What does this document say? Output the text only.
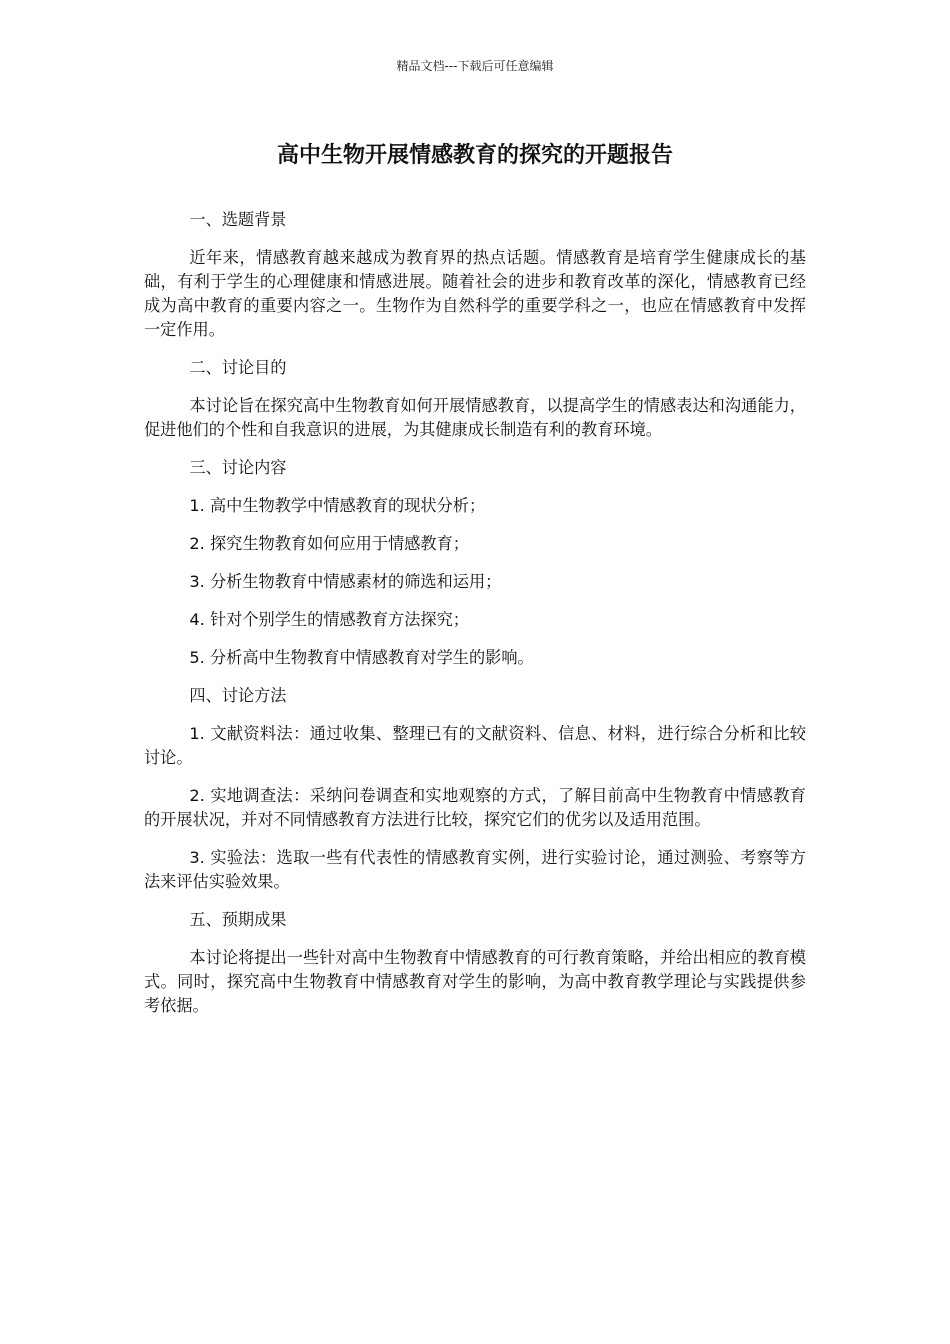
精品文档---下载后可任意编辑
高中生物开展情感教育的探究的开题报告

一、选题背景

近年来，情感教育越来越成为教育界的热点话题。情感教育是培育学生健康成长的基础，有利于学生的心理健康和情感进展。随着社会的进步和教育改革的深化，情感教育已经成为高中教育的重要内容之一。生物作为自然科学的重要学科之一，也应在情感教育中发挥一定作用。

二、讨论目的

本讨论旨在探究高中生物教育如何开展情感教育，以提高学生的情感表达和沟通能力，促进他们的个性和自我意识的进展，为其健康成长制造有利的教育环境。

三、讨论内容

1. 高中生物教学中情感教育的现状分析；

2. 探究生物教育如何应用于情感教育；

3. 分析生物教育中情感素材的筛选和运用；

4. 针对个别学生的情感教育方法探究；

5. 分析高中生物教育中情感教育对学生的影响。

四、讨论方法

1. 文献资料法：通过收集、整理已有的文献资料、信息、材料，进行综合分析和比较讨论。

2. 实地调查法：采纳问卷调查和实地观察的方式，了解目前高中生物教育中情感教育的开展状况，并对不同情感教育方法进行比较，探究它们的优劣以及适用范围。

3. 实验法：选取一些有代表性的情感教育实例，进行实验讨论，通过测验、考察等方法来评估实验效果。

五、预期成果

本讨论将提出一些针对高中生物教育中情感教育的可行教育策略，并给出相应的教育模式。同时，探究高中生物教育中情感教育对学生的影响，为高中教育教学理论与实践提供参考依据。
